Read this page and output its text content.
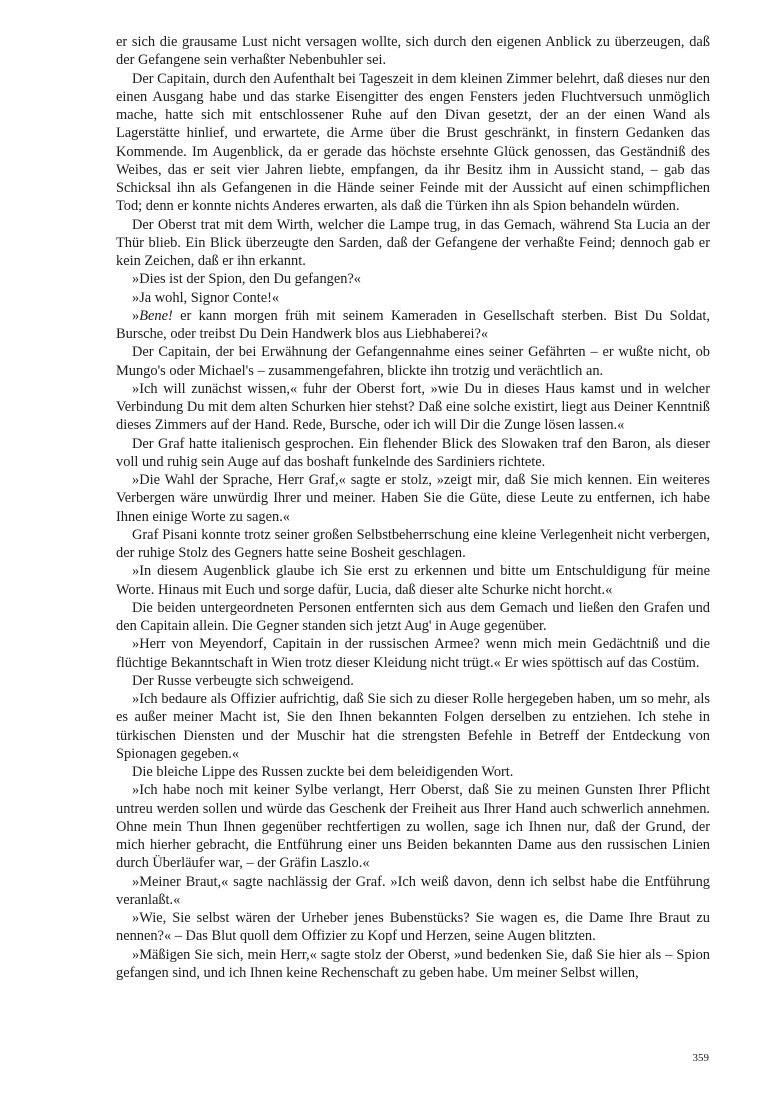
er sich die grausame Lust nicht versagen wollte, sich durch den eigenen Anblick zu überzeugen, daß der Gefangene sein verhaßter Nebenbuhler sei.

Der Capitain, durch den Aufenthalt bei Tageszeit in dem kleinen Zimmer belehrt, daß dieses nur den einen Ausgang habe und das starke Eisengitter des engen Fensters jeden Fluchtversuch unmöglich mache, hatte sich mit entschlossener Ruhe auf den Divan gesetzt, der an der einen Wand als Lagerstätte hinlief, und erwartete, die Arme über die Brust geschränkt, in finstern Gedanken das Kommende. Im Augenblick, da er gerade das höchste ersehnte Glück genossen, das Geständniß des Weibes, das er seit vier Jahren liebte, empfangen, da ihr Besitz ihm in Aussicht stand, – gab das Schicksal ihn als Gefangenen in die Hände seiner Feinde mit der Aussicht auf einen schimpflichen Tod; denn er konnte nichts Anderes erwarten, als daß die Türken ihn als Spion behandeln würden.

Der Oberst trat mit dem Wirth, welcher die Lampe trug, in das Gemach, während Sta Lucia an der Thür blieb. Ein Blick überzeugte den Sarden, daß der Gefangene der verhaßte Feind; dennoch gab er kein Zeichen, daß er ihn erkannt.

»Dies ist der Spion, den Du gefangen?«

»Ja wohl, Signor Conte!«

»Bene! er kann morgen früh mit seinem Kameraden in Gesellschaft sterben. Bist Du Soldat, Bursche, oder treibst Du Dein Handwerk blos aus Liebhaberei?«

Der Capitain, der bei Erwähnung der Gefangennahme eines seiner Gefährten – er wußte nicht, ob Mungo's oder Michael's – zusammengefahren, blickte ihn trotzig und verächtlich an.

»Ich will zunächst wissen,« fuhr der Oberst fort, »wie Du in dieses Haus kamst und in welcher Verbindung Du mit dem alten Schurken hier stehst? Daß eine solche existirt, liegt aus Deiner Kenntniß dieses Zimmers auf der Hand. Rede, Bursche, oder ich will Dir die Zunge lösen lassen.«

Der Graf hatte italienisch gesprochen. Ein flehender Blick des Slowaken traf den Baron, als dieser voll und ruhig sein Auge auf das boshaft funkelnde des Sardiniers richtete.

»Die Wahl der Sprache, Herr Graf,« sagte er stolz, »zeigt mir, daß Sie mich kennen. Ein weiteres Verbergen wäre unwürdig Ihrer und meiner. Haben Sie die Güte, diese Leute zu entfernen, ich habe Ihnen einige Worte zu sagen.«

Graf Pisani konnte trotz seiner großen Selbstbeherrschung eine kleine Verlegenheit nicht verbergen, der ruhige Stolz des Gegners hatte seine Bosheit geschlagen.

»In diesem Augenblick glaube ich Sie erst zu erkennen und bitte um Entschuldigung für meine Worte. Hinaus mit Euch und sorge dafür, Lucia, daß dieser alte Schurke nicht horcht.«

Die beiden untergeordneten Personen entfernten sich aus dem Gemach und ließen den Grafen und den Capitain allein. Die Gegner standen sich jetzt Aug' in Auge gegenüber.

»Herr von Meyendorf, Capitain in der russischen Armee? wenn mich mein Gedächtniß und die flüchtige Bekanntschaft in Wien trotz dieser Kleidung nicht trügt.« Er wies spöttisch auf das Costüm.

Der Russe verbeugte sich schweigend.

»Ich bedaure als Offizier aufrichtig, daß Sie sich zu dieser Rolle hergegeben haben, um so mehr, als es außer meiner Macht ist, Sie den Ihnen bekannten Folgen derselben zu entziehen. Ich stehe in türkischen Diensten und der Muschir hat die strengsten Befehle in Betreff der Entdeckung von Spionagen gegeben.«

Die bleiche Lippe des Russen zuckte bei dem beleidigenden Wort.

»Ich habe noch mit keiner Sylbe verlangt, Herr Oberst, daß Sie zu meinen Gunsten Ihrer Pflicht untreu werden sollen und würde das Geschenk der Freiheit aus Ihrer Hand auch schwerlich annehmen. Ohne mein Thun Ihnen gegenüber rechtfertigen zu wollen, sage ich Ihnen nur, daß der Grund, der mich hierher gebracht, die Entführung einer uns Beiden bekannten Dame aus den russischen Linien durch Überläufer war, – der Gräfin Laszlo.«

»Meiner Braut,« sagte nachlässig der Graf. »Ich weiß davon, denn ich selbst habe die Entführung veranlaßt.«

»Wie, Sie selbst wären der Urheber jenes Bubenstücks? Sie wagen es, die Dame Ihre Braut zu nennen?« – Das Blut quoll dem Offizier zu Kopf und Herzen, seine Augen blitzten.

»Mäßigen Sie sich, mein Herr,« sagte stolz der Oberst, »und bedenken Sie, daß Sie hier als – Spion gefangen sind, und ich Ihnen keine Rechenschaft zu geben habe. Um meiner Selbst willen,

359
